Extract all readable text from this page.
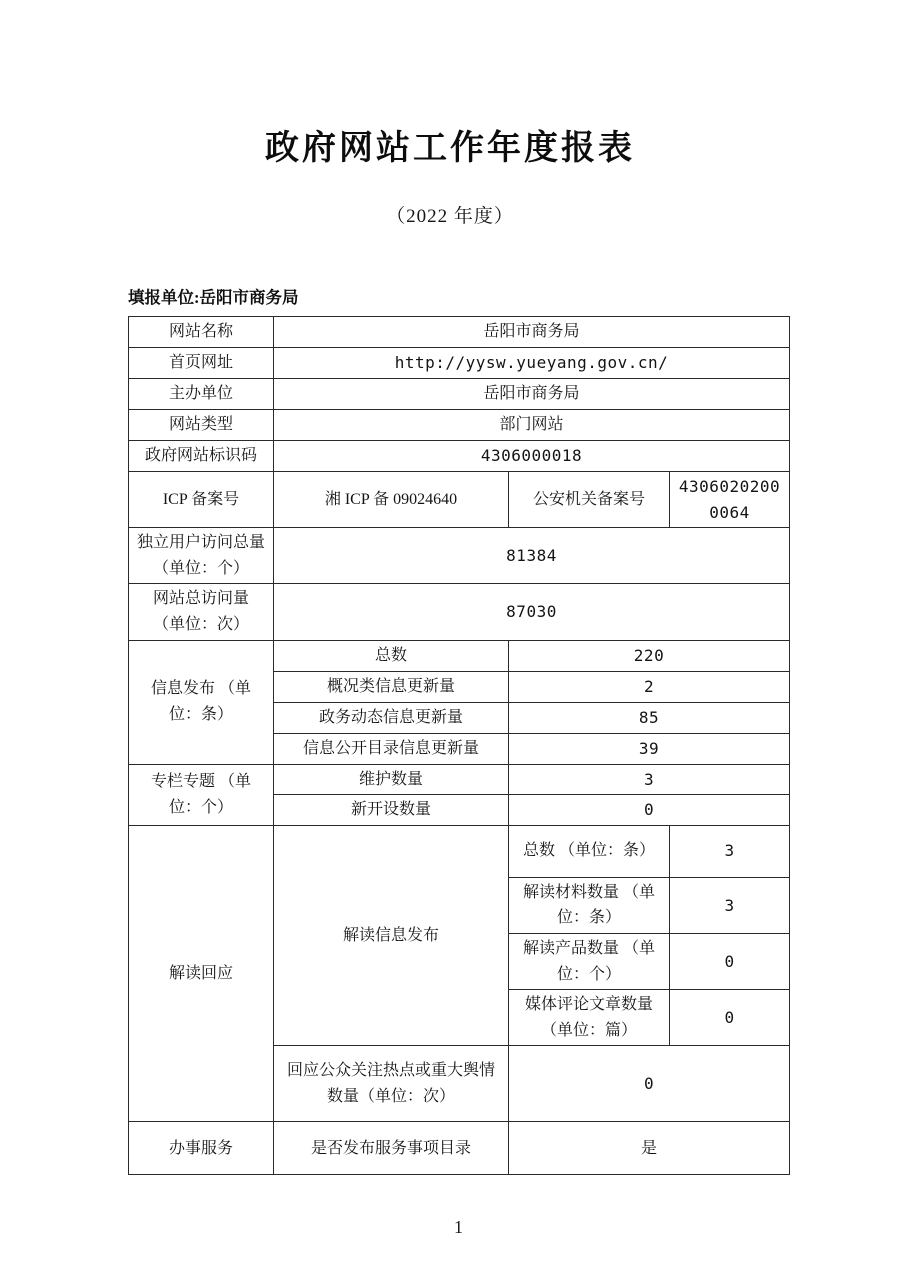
政府网站工作年度报表
（2022 年度）
填报单位:岳阳市商务局
网站名称	岳阳市商务局		
首页网址	http://yysw.yueyang.gov.cn/		
主办单位	岳阳市商务局		
网站类型	部门网站		
政府网站标识码	4306000018		
ICP 备案号	湘 ICP 备 09024640	公安机关备案号	43060202000064
独立用户访问总量（单位：个）	81384		
网站总访问量 （单位：次）	87030		
信息发布 （单位：条）	总数	220	
	概况类信息更新量	2	
	政务动态信息更新量	85	
	信息公开目录信息更新量	39	
专栏专题 （单位：个）	维护数量	3	
	新开设数量	0	
解读回应	解读信息发布	总数 （单位：条）	3
		解读材料数量 （单位：条）	3
		解读产品数量 （单位：个）	0
		媒体评论文章数量 （单位：篇）	0
	回应公众关注热点或重大舆情数量（单位：次）	0	
办事服务	是否发布服务事项目录	是	
1
